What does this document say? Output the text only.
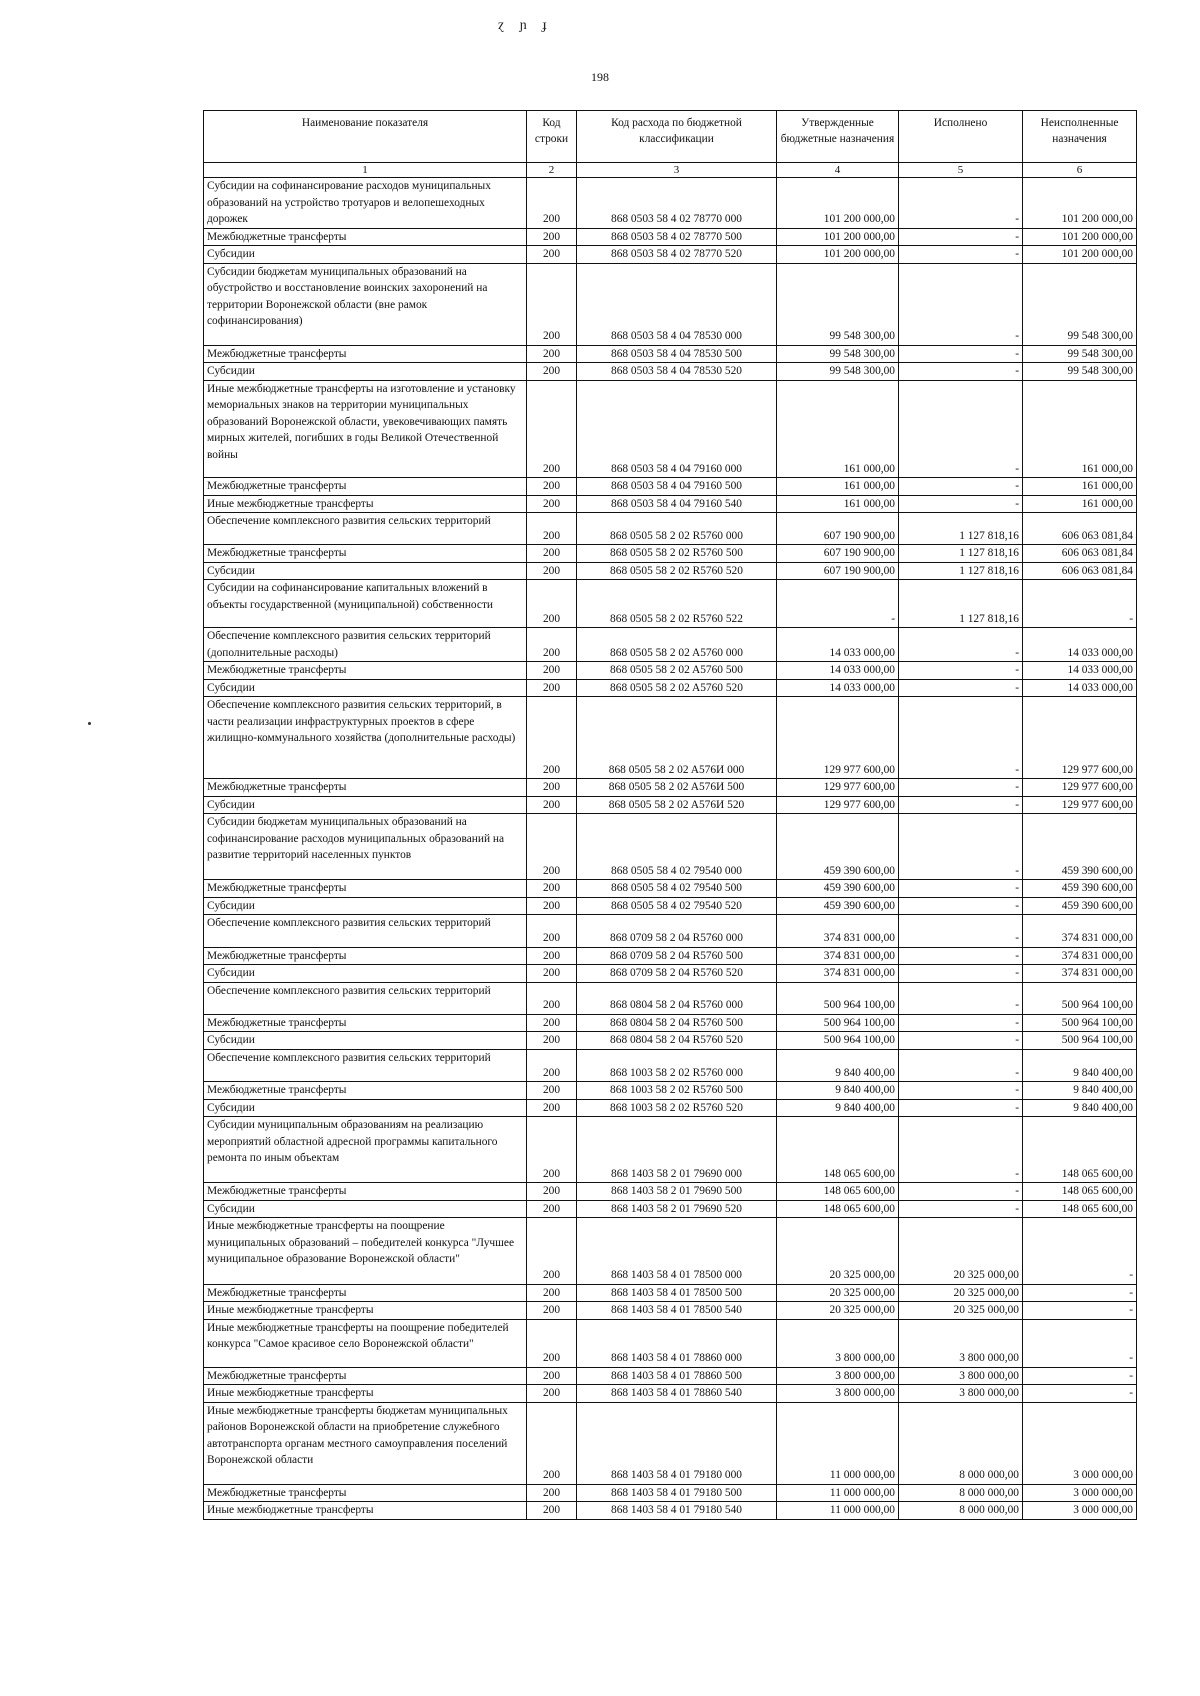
ɀ ɲ ɟ
198
Наименование показателя	Код строки	Код расхода по бюджетной классификации	Утвержденные бюджетные назначения	Исполнено	Неисполненные назначения
1	2	3	4	5	6
Субсидии на софинансирование расходов муниципальных образований на устройство тротуаров и велопешеходных дорожек	200	868 0503 58 4 02 78770 000	101 200 000,00	-	101 200 000,00
Межбюджетные трансферты	200	868 0503 58 4 02 78770 500	101 200 000,00	-	101 200 000,00
Субсидии	200	868 0503 58 4 02 78770 520	101 200 000,00	-	101 200 000,00
Субсидии бюджетам муниципальных образований на обустройство и восстановление воинских захоронений на территории Воронежской области (вне рамок софинансирования)	200	868 0503 58 4 04 78530 000	99 548 300,00	-	99 548 300,00
Межбюджетные трансферты	200	868 0503 58 4 04 78530 500	99 548 300,00	-	99 548 300,00
Субсидии	200	868 0503 58 4 04 78530 520	99 548 300,00	-	99 548 300,00
Иные межбюджетные трансферты на изготовление и установку мемориальных знаков на территории муниципальных образований Воронежской области, увековечивающих память мирных жителей, погибших в годы Великой Отечественной войны	200	868 0503 58 4 04 79160 000	161 000,00	-	161 000,00
Межбюджетные трансферты	200	868 0503 58 4 04 79160 500	161 000,00	-	161 000,00
Иные межбюджетные трансферты	200	868 0503 58 4 04 79160 540	161 000,00	-	161 000,00
Обеспечение комплексного развития сельских территорий	200	868 0505 58 2 02 R5760 000	607 190 900,00	1 127 818,16	606 063 081,84
Межбюджетные трансферты	200	868 0505 58 2 02 R5760 500	607 190 900,00	1 127 818,16	606 063 081,84
Субсидии	200	868 0505 58 2 02 R5760 520	607 190 900,00	1 127 818,16	606 063 081,84
Субсидии на софинансирование капитальных вложений в объекты государственной (муниципальной) собственности	200	868 0505 58 2 02 R5760 522	-	1 127 818,16	-
Обеспечение комплексного развития сельских территорий (дополнительные расходы)	200	868 0505 58 2 02 A5760 000	14 033 000,00	-	14 033 000,00
Межбюджетные трансферты	200	868 0505 58 2 02 A5760 500	14 033 000,00	-	14 033 000,00
Субсидии	200	868 0505 58 2 02 A5760 520	14 033 000,00	-	14 033 000,00
Обеспечение комплексного развития сельских территорий, в части реализации инфраструктурных проектов в сфере жилищно-коммунального хозяйства (дополнительные расходы)	200	868 0505 58 2 02 A576И 000	129 977 600,00	-	129 977 600,00
Межбюджетные трансферты	200	868 0505 58 2 02 A576И 500	129 977 600,00	-	129 977 600,00
Субсидии	200	868 0505 58 2 02 A576И 520	129 977 600,00	-	129 977 600,00
Субсидии бюджетам муниципальных образований на софинансирование расходов муниципальных образований на развитие территорий населенных пунктов	200	868 0505 58 4 02 79540 000	459 390 600,00	-	459 390 600,00
Межбюджетные трансферты	200	868 0505 58 4 02 79540 500	459 390 600,00	-	459 390 600,00
Субсидии	200	868 0505 58 4 02 79540 520	459 390 600,00	-	459 390 600,00
Обеспечение комплексного развития сельских территорий	200	868 0709 58 2 04 R5760 000	374 831 000,00	-	374 831 000,00
Межбюджетные трансферты	200	868 0709 58 2 04 R5760 500	374 831 000,00	-	374 831 000,00
Субсидии	200	868 0709 58 2 04 R5760 520	374 831 000,00	-	374 831 000,00
Обеспечение комплексного развития сельских территорий	200	868 0804 58 2 04 R5760 000	500 964 100,00	-	500 964 100,00
Межбюджетные трансферты	200	868 0804 58 2 04 R5760 500	500 964 100,00	-	500 964 100,00
Субсидии	200	868 0804 58 2 04 R5760 520	500 964 100,00	-	500 964 100,00
Обеспечение комплексного развития сельских территорий	200	868 1003 58 2 02 R5760 000	9 840 400,00	-	9 840 400,00
Межбюджетные трансферты	200	868 1003 58 2 02 R5760 500	9 840 400,00	-	9 840 400,00
Субсидии	200	868 1003 58 2 02 R5760 520	9 840 400,00	-	9 840 400,00
Субсидии муниципальным образованиям на реализацию мероприятий областной адресной программы капитального ремонта по иным объектам	200	868 1403 58 2 01 79690 000	148 065 600,00	-	148 065 600,00
Межбюджетные трансферты	200	868 1403 58 2 01 79690 500	148 065 600,00	-	148 065 600,00
Субсидии	200	868 1403 58 2 01 79690 520	148 065 600,00	-	148 065 600,00
Иные межбюджетные трансферты на поощрение муниципальных образований – победителей конкурса "Лучшее муниципальное образование Воронежской области"	200	868 1403 58 4 01 78500 000	20 325 000,00	20 325 000,00	-
Межбюджетные трансферты	200	868 1403 58 4 01 78500 500	20 325 000,00	20 325 000,00	-
Иные межбюджетные трансферты	200	868 1403 58 4 01 78500 540	20 325 000,00	20 325 000,00	-
Иные межбюджетные трансферты на поощрение победителей конкурса "Самое красивое село Воронежской области"	200	868 1403 58 4 01 78860 000	3 800 000,00	3 800 000,00	-
Межбюджетные трансферты	200	868 1403 58 4 01 78860 500	3 800 000,00	3 800 000,00	-
Иные межбюджетные трансферты	200	868 1403 58 4 01 78860 540	3 800 000,00	3 800 000,00	-
Иные межбюджетные трансферты бюджетам муниципальных районов Воронежской области на приобретение служебного автотранспорта органам местного самоуправления поселений Воронежской области	200	868 1403 58 4 01 79180 000	11 000 000,00	8 000 000,00	3 000 000,00
Межбюджетные трансферты	200	868 1403 58 4 01 79180 500	11 000 000,00	8 000 000,00	3 000 000,00
Иные межбюджетные трансферты	200	868 1403 58 4 01 79180 540	11 000 000,00	8 000 000,00	3 000 000,00
